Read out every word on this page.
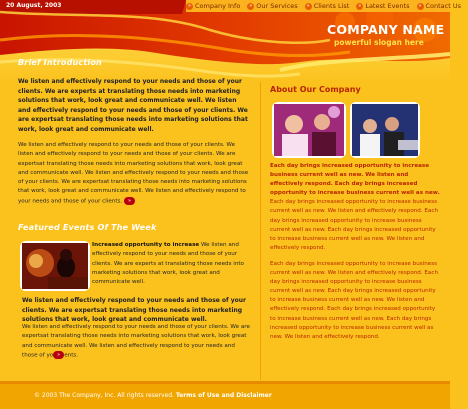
20 August, 2003	» Company Info	» Our Services	» Clients List	» Latest Events	» Contact Us
COMPANY NAME
powerful slogan here
Brief Introduction
We listen and effectively respond to your needs and those of your clients. We are experts at translating those needs into marketing solutions that work, look great and communicate well. We listen and effectively respond to your needs and those of your clients. We are expertsat translating those needs into marketing solutions that work, look great and communicate well.
We listen and effectively respond to your needs and those of your clients. We listen and effectively respond to your needs and those of your clients. We are expertsat translating those needs into marketing solutions that work, look great and communicate well. We listen and effectively respond to your needs and those of your clients. We are expertsat translating those needs into marketing solutions that work, look great and communicate well. We listen and effectively respond to your needs and those of your clients. »
Featured Events Of The Week
Increased opportunity to increase We listen and effectively respond to your needs and those of your clients. We are experts at translating those needs into marketing solutions that work, look great and communicate well.
We listen and effectively respond to your needs and those of your clients. We are expertsat translating those needs into marketing solutions that work, look great and communicate well.
We listen and effectively respond to your needs and those of your clients. We are expertsat translating those needs into marketing solutions that work, look great and communicate well. We listen and effectively respond to your needs and those of yo » ents.
About Our Company
Each day brings increased opportunity to increase business current well as new. We listen and effectively respond. Each day brings increased opportunity to increase business current well as new. Each day brings increased opportunity to increase business current well as new. We listen and effectively respond. Each day brings increased opportunity to increase business current well as new. Each day brings increased opportunity to increase business current well as new. We listen and effectively respond.
Each day brings increased opportunity to increase business current well as new. We listen and effectively respond. Each day brings increased opportunity to increase business current well as new. Each day brings increased opportunity to increase business current well as new. We listen and effectively respond. Each day brings increased opportunity to increase business current well as new. Each day brings increased opportunity to increase business current well as new. We listen and effectively respond.
© 2003 The Company, Inc. All rights reserved. Terms of Use and Disclaimer
